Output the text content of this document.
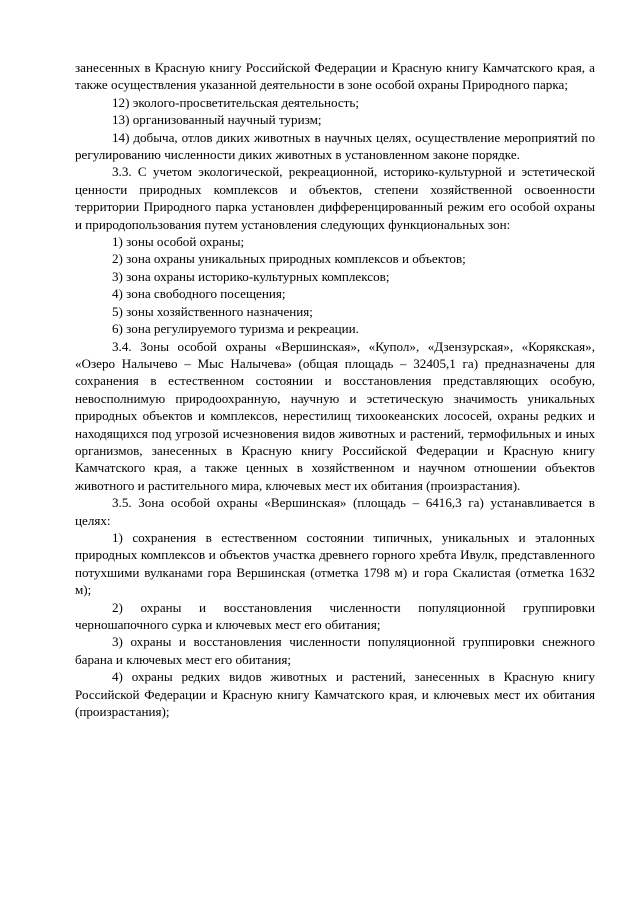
занесенных в Красную книгу Российской Федерации и Красную книгу Камчатского края, а также осуществления указанной деятельности в зоне особой охраны Природного парка;

12) эколого-просветительская деятельность;

13) организованный научный туризм;

14) добыча, отлов диких животных в научных целях, осуществление мероприятий по регулированию численности диких животных в установленном законе порядке.

3.3. С учетом экологической, рекреационной, историко-культурной и эстетической ценности природных комплексов и объектов, степени хозяйственной освоенности территории Природного парка установлен дифференцированный режим его особой охраны и природопользования путем установления следующих функциональных зон:

1) зоны особой охраны;

2) зона охраны уникальных природных комплексов и объектов;

3) зона охраны историко-культурных комплексов;

4) зона свободного посещения;

5) зоны хозяйственного назначения;

6) зона регулируемого туризма и рекреации.

3.4. Зоны особой охраны «Вершинская», «Купол», «Дзензурская», «Корякская», «Озеро Налычево – Мыс Налычева» (общая площадь – 32405,1 га) предназначены для сохранения в естественном состоянии и восстановления представляющих особую, невосполнимую природоохранную, научную и эстетическую значимость уникальных природных объектов и комплексов, нерестилищ тихоокеанских лососей, охраны редких и находящихся под угрозой исчезновения видов животных и растений, термофильных и иных организмов, занесенных в Красную книгу Российской Федерации и Красную книгу Камчатского края, а также ценных в хозяйственном и научном отношении объектов животного и растительного мира, ключевых мест их обитания (произрастания).

3.5. Зона особой охраны «Вершинская» (площадь – 6416,3 га) устанавливается в целях:

1) сохранения в естественном состоянии типичных, уникальных и эталонных природных комплексов и объектов участка древнего горного хребта Ивулк, представленного потухшими вулканами гора Вершинская (отметка 1798 м) и гора Скалистая (отметка 1632 м);

2) охраны и восстановления численности популяционной группировки черношапочного сурка и ключевых мест его обитания;

3) охраны и восстановления численности популяционной группировки снежного барана и ключевых мест его обитания;

4) охраны редких видов животных и растений, занесенных в Красную книгу Российской Федерации и Красную книгу Камчатского края, и ключевых мест их обитания (произрастания);
